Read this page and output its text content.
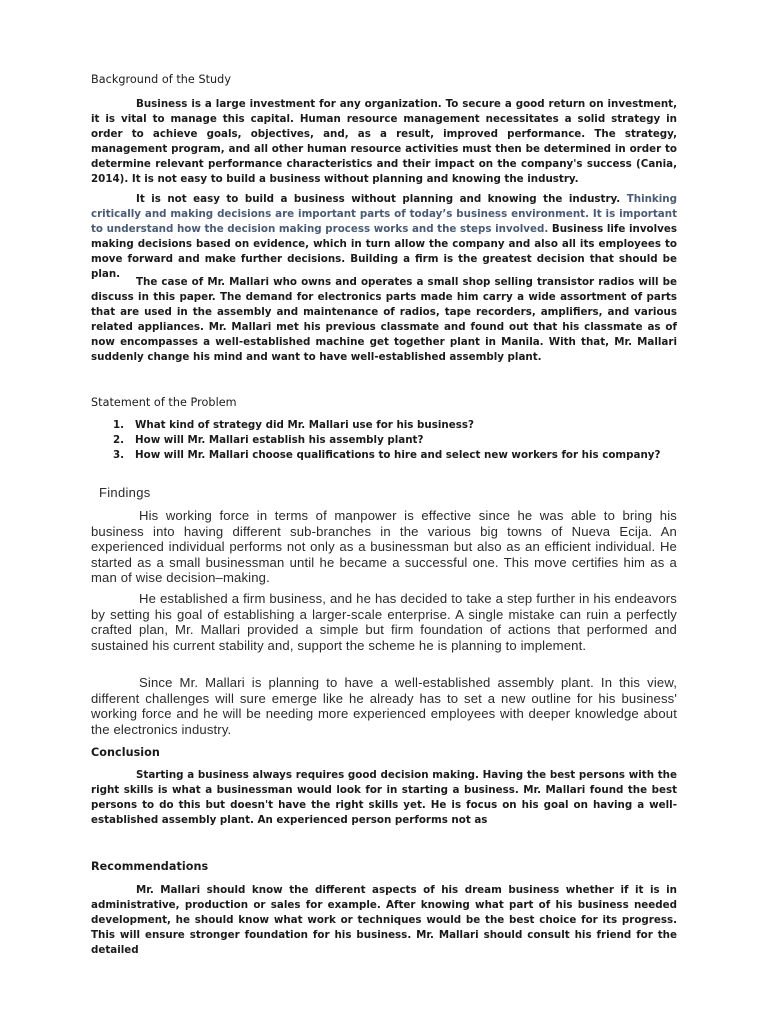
Background of the Study

Business is a large investment for any organization. To secure a good return on investment, it is vital to manage this capital. Human resource management necessitates a solid strategy in order to achieve goals, objectives, and, as a result, improved performance. The strategy, management program, and all other human resource activities must then be determined in order to determine relevant performance characteristics and their impact on the company's success (Cania, 2014). It is not easy to build a business without planning and knowing the industry.

It is not easy to build a business without planning and knowing the industry. Thinking critically and making decisions are important parts of today’s business environment. It is important to understand how the decision making process works and the steps involved. Business life involves making decisions based on evidence, which in turn allow the company and also all its employees to move forward and make further decisions. Building a firm is the greatest decision that should be plan.

The case of Mr. Mallari who owns and operates a small shop selling transistor radios will be discuss in this paper. The demand for electronics parts made him carry a wide assortment of parts that are used in the assembly and maintenance of radios, tape recorders, amplifiers, and various related appliances. Mr. Mallari met his previous classmate and found out that his classmate as of now encompasses a well-established machine get together plant in Manila. With that, Mr. Mallari suddenly change his mind and want to have well-established assembly plant.

Statement of the Problem
1. What kind of strategy did Mr. Mallari use for his business?
2. How will Mr. Mallari establish his assembly plant?
3. How will Mr. Mallari choose qualifications to hire and select new workers for his company?
Findings

His working force in terms of manpower is effective since he was able to bring his business into having different sub-branches in the various big towns of Nueva Ecija. An experienced individual performs not only as a businessman but also as an efficient individual. He started as a small businessman until he became a successful one. This move certifies him as a man of wise decision–making.

He established a firm business, and he has decided to take a step further in his endeavors by setting his goal of establishing a larger-scale enterprise. A single mistake can ruin a perfectly crafted plan, Mr. Mallari provided a simple but firm foundation of actions that performed and sustained his current stability and, support the scheme he is planning to implement.

Since Mr. Mallari is planning to have a well-established assembly plant. In this view, different challenges will sure emerge like he already has to set a new outline for his business' working force and he will be needing more experienced employees with deeper knowledge about the electronics industry.

Conclusion

Starting a business always requires good decision making. Having the best persons with the right skills is what a businessman would look for in starting a business. Mr. Mallari found the best persons to do this but doesn't have the right skills yet. He is focus on his goal on having a well-established assembly plant. An experienced person performs not as

Recommendations

Mr. Mallari should know the different aspects of his dream business whether if it is in administrative, production or sales for example. After knowing what part of his business needed development, he should know what work or techniques would be the best choice for its progress. This will ensure stronger foundation for his business. Mr. Mallari should consult his friend for the detailed
